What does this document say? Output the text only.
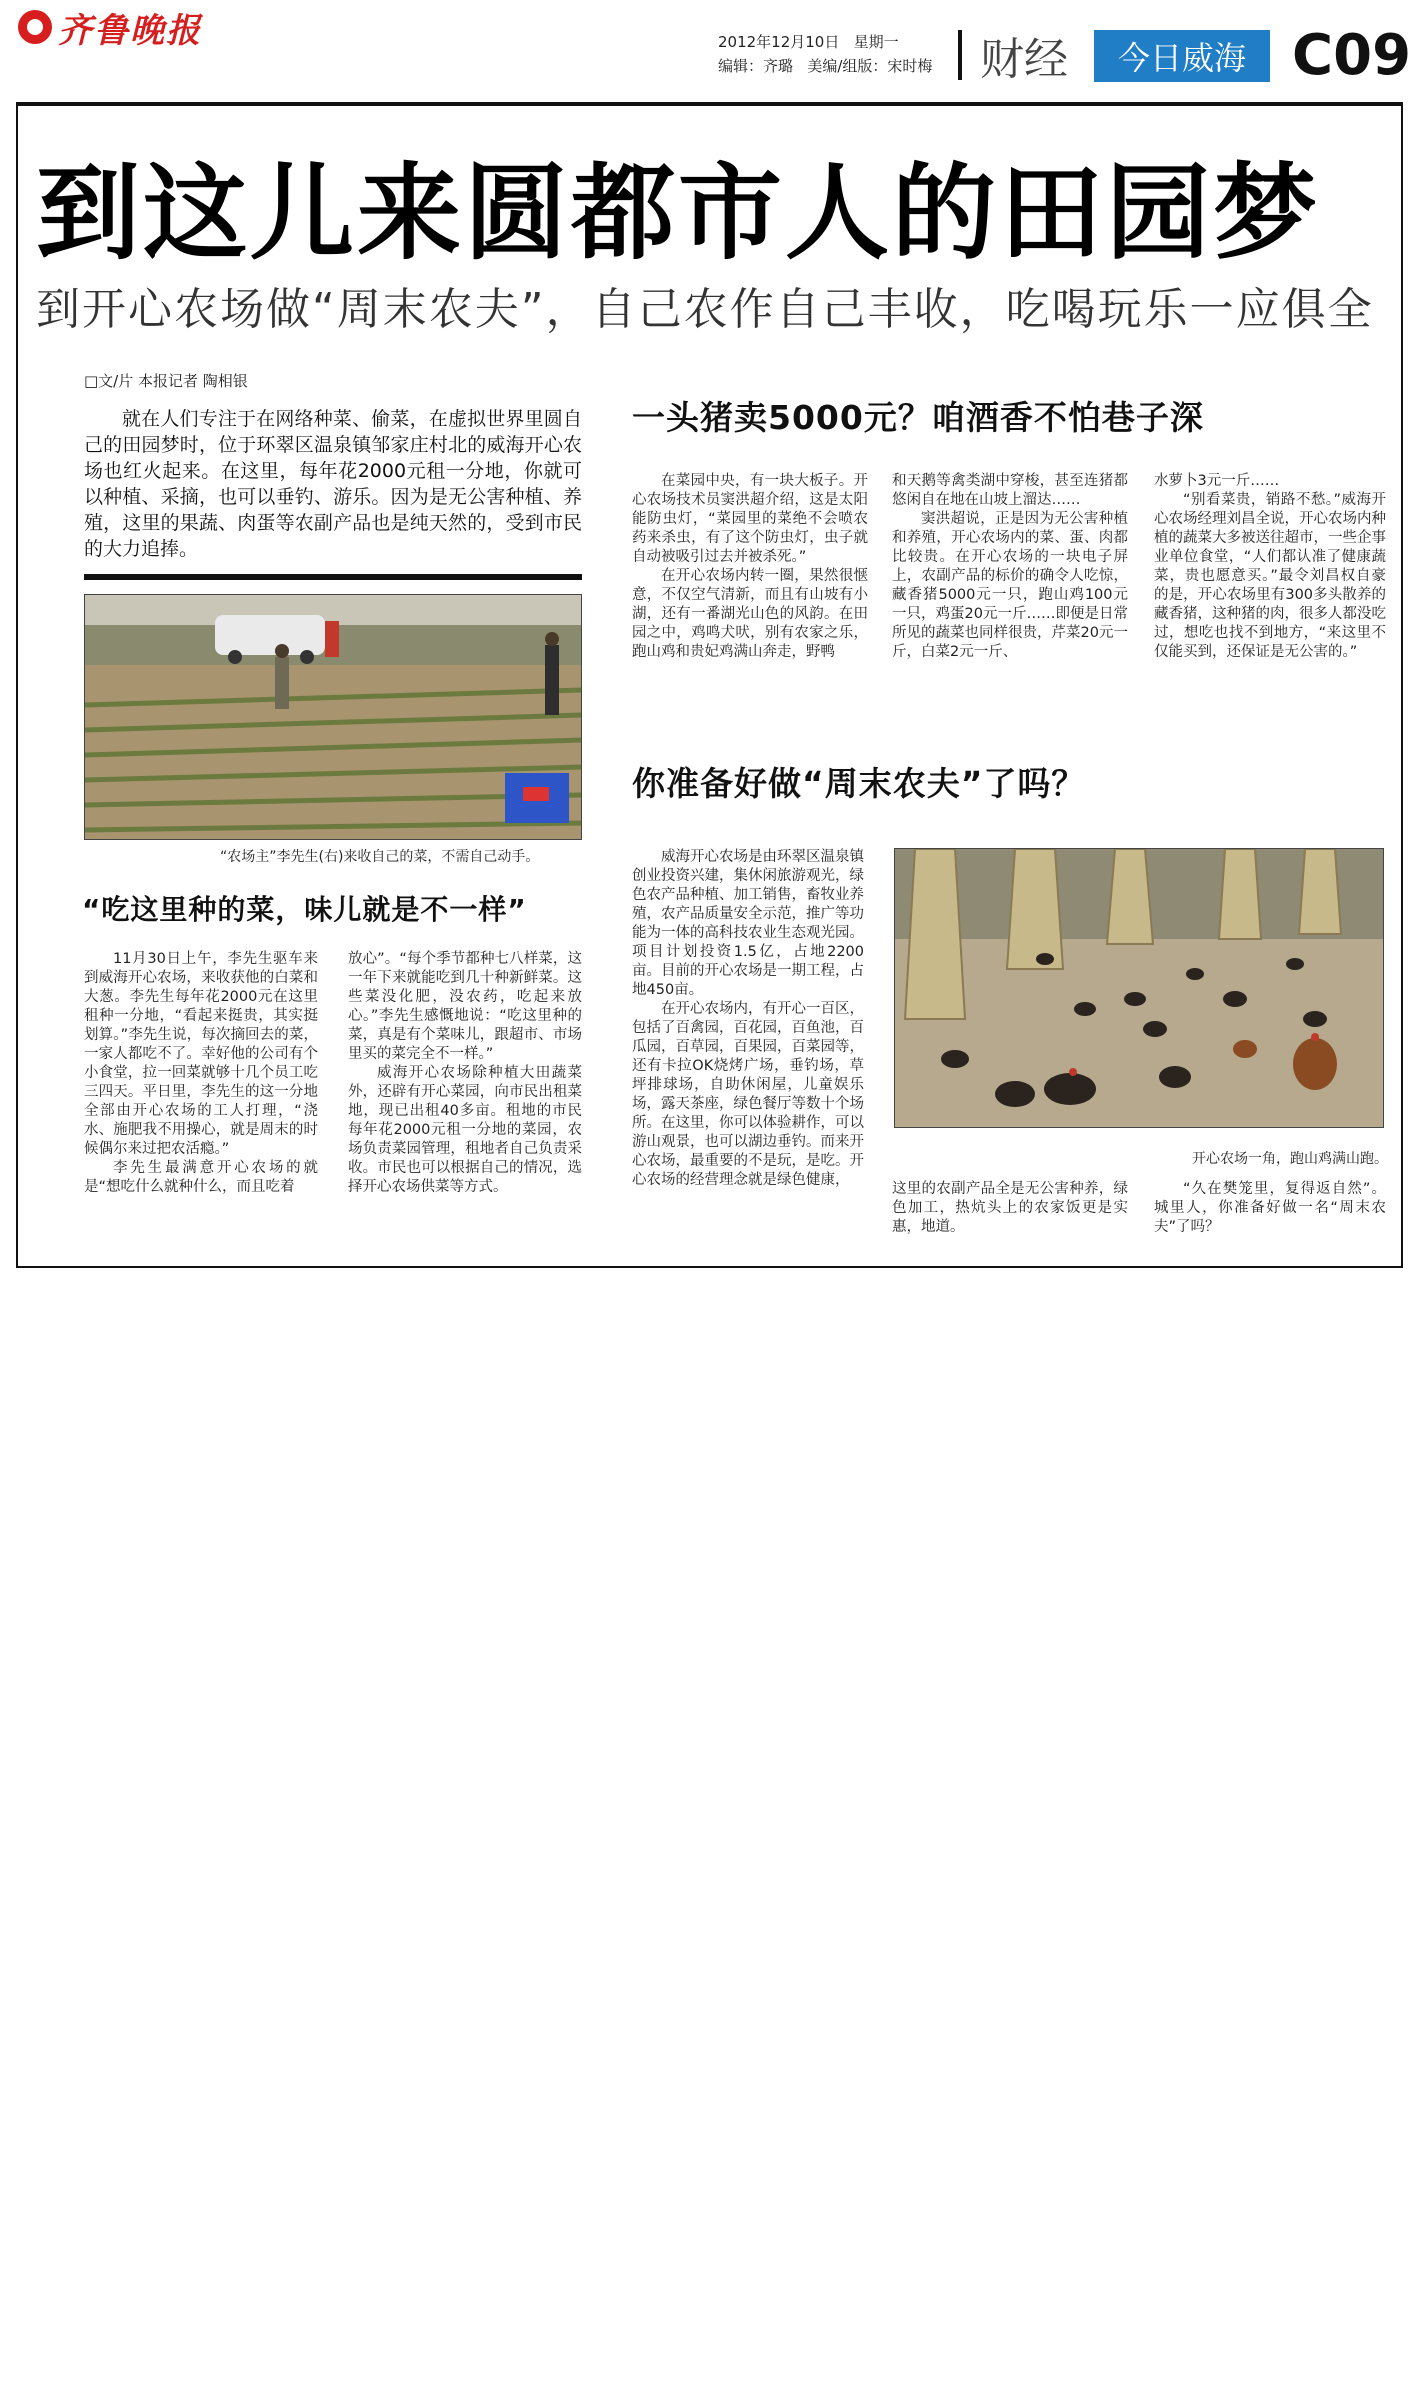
齐鲁晚报	2012年12月10日 星期一
编辑：齐璐 美编/组版：宋时梅 财经	今日威海 C09
到这儿来圆都市人的田园梦
到开心农场做“周末农夫”，自己农作自己丰收，吃喝玩乐一应俱全
□文/片 本报记者 陶相银
就在人们专注于在网络种菜、偷菜，在虚拟世界里圆自己的田园梦时，位于环翠区温泉镇邹家庄村北的威海开心农场也红火起来。在这里，每年花2000元租一分地，你就可以种植、采摘，也可以垂钓、游乐。因为是无公害种植、养殖，这里的果蔬、肉蛋等农副产品也是纯天然的，受到市民的大力追捧。
“农场主”李先生(右)来收自己的菜，不需自己动手。
“吃这里种的菜，味儿就是不一样”

11月30日上午，李先生驱车来到威海开心农场，来收获他的白菜和大葱。李先生每年花2000元在这里租种一分地，“看起来挺贵，其实挺划算。”李先生说，每次摘回去的菜，一家人都吃不了。幸好他的公司有个小食堂，拉一回菜就够十几个员工吃三四天。平日里，李先生的这一分地全部由开心农场的工人打理，“浇水、施肥我不用操心，就是周末的时候偶尔来过把农活瘾。”

李先生最满意开心农场的就是“想吃什么就种什么，而且吃着

放心”。“每个季节都种七八样菜，这一年下来就能吃到几十种新鲜菜。这些菜没化肥，没农药，吃起来放心。”李先生感慨地说：“吃这里种的菜，真是有个菜味儿，跟超市、市场里买的菜完全不一样。”

威海开心农场除种植大田蔬菜外，还辟有开心菜园，向市民出租菜地，现已出租40多亩。租地的市民每年花2000元租一分地的菜园，农场负责菜园管理，租地者自己负责采收。市民也可以根据自己的情况，选择开心农场供菜等方式。

一头猪卖5000元？咱酒香不怕巷子深

在菜园中央，有一块大板子。开心农场技术员窦洪超介绍，这是太阳能防虫灯，“菜园里的菜绝不会喷农药来杀虫，有了这个防虫灯，虫子就自动被吸引过去并被杀死。”

在开心农场内转一圈，果然很惬意，不仅空气清新，而且有山坡有小湖，还有一番湖光山色的风韵。在田园之中，鸡鸣犬吠，别有农家之乐，跑山鸡和贵妃鸡满山奔走，野鸭

和天鹅等禽类湖中穿梭，甚至连猪都悠闲自在地在山坡上溜达……

窦洪超说，正是因为无公害种植和养殖，开心农场内的菜、蛋、肉都比较贵。在开心农场的一块电子屏上，农副产品的标价的确令人吃惊，藏香猪5000元一只，跑山鸡100元一只，鸡蛋20元一斤……即便是日常所见的蔬菜也同样很贵，芹菜20元一斤，白菜2元一斤、

水萝卜3元一斤……

“别看菜贵，销路不愁。”威海开心农场经理刘昌全说，开心农场内种植的蔬菜大多被送往超市，一些企事业单位食堂，“人们都认准了健康蔬菜，贵也愿意买。”最令刘昌权自豪的是，开心农场里有300多头散养的藏香猪，这种猪的肉，很多人都没吃过，想吃也找不到地方，“来这里不仅能买到，还保证是无公害的。”

你准备好做“周末农夫”了吗？

威海开心农场是由环翠区温泉镇创业投资兴建，集休闲旅游观光，绿色农产品种植、加工销售，畜牧业养殖，农产品质量安全示范，推广等功能为一体的高科技农业生态观光园。项目计划投资1.5亿，占地2200亩。目前的开心农场是一期工程，占地450亩。

在开心农场内，有开心一百区，包括了百禽园，百花园，百鱼池，百瓜园，百草园，百果园，百菜园等，还有卡拉OK烧烤广场，垂钓场，草坪排球场，自助休闲屋，儿童娱乐场，露天茶座，绿色餐厅等数十个场所。在这里，你可以体验耕作，可以游山观景，也可以湖边垂钓。而来开心农场，最重要的不是玩，是吃。开心农场的经营理念就是绿色健康，

开心农场一角，跑山鸡满山跑。

这里的农副产品全是无公害种养，绿色加工，热炕头上的农家饭更是实惠，地道。

“久在樊笼里，复得返自然”。城里人，你准备好做一名“周末农夫”了吗？
